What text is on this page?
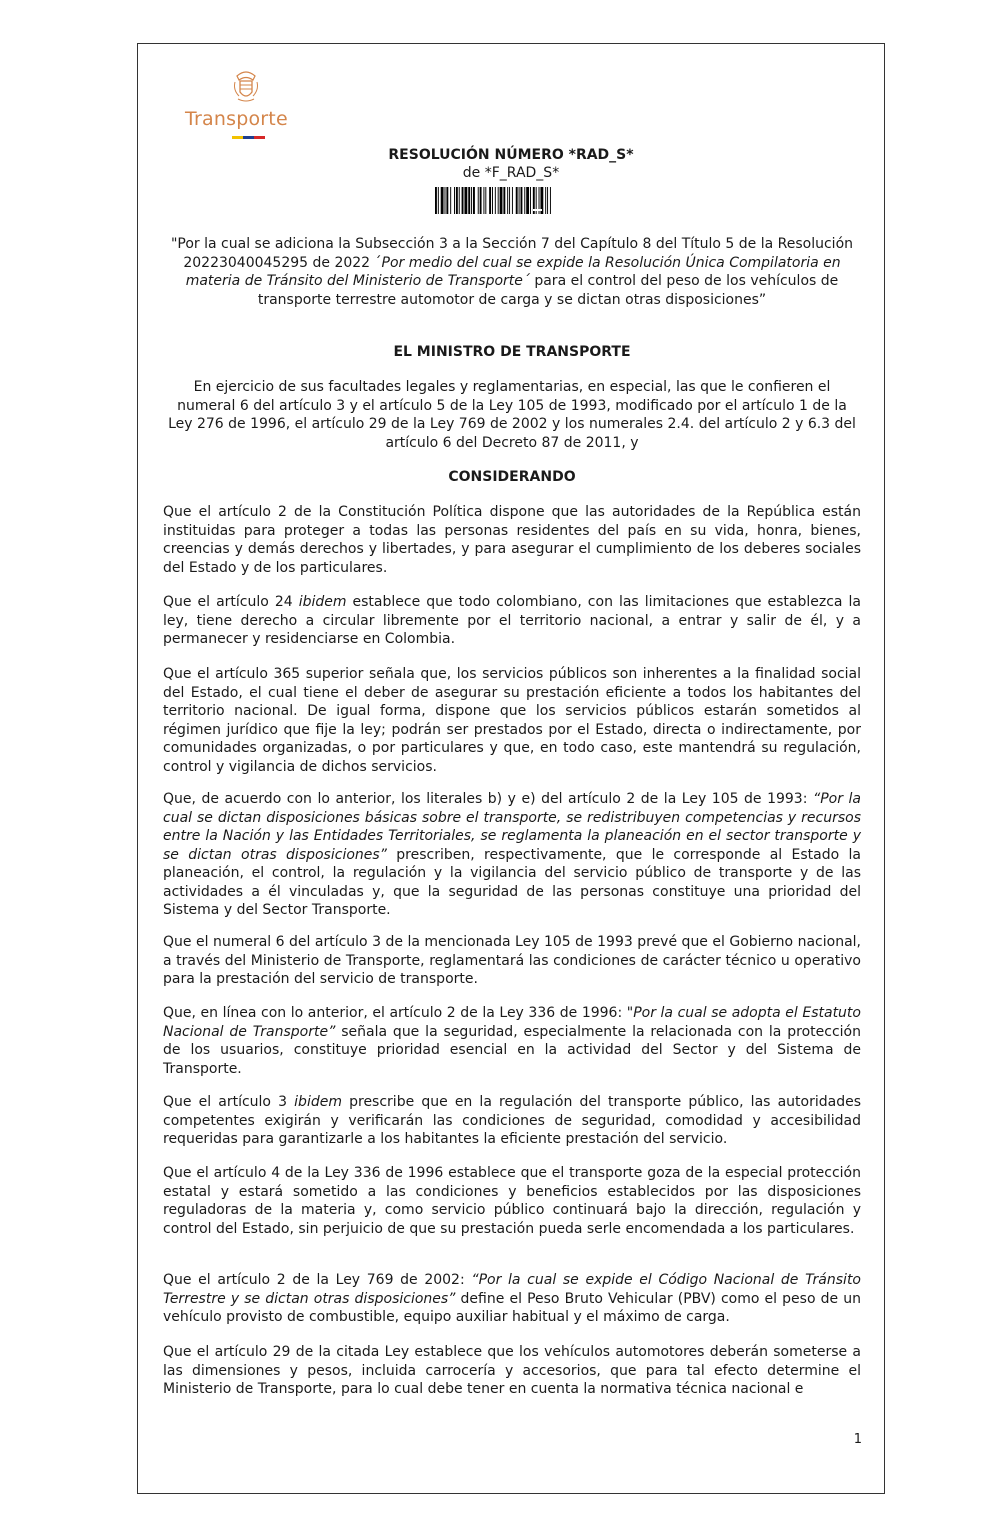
Transporte
RESOLUCIÓN NÚMERO *RAD_S*
de *F_RAD_S*
"Por la cual se adiciona la Subsección 3 a la Sección 7 del Capítulo 8 del Título 5 de la Resolución 20223040045295 de 2022 ´Por medio del cual se expide la Resolución Única Compilatoria en materia de Tránsito del Ministerio de Transporte´ para el control del peso de los vehículos de transporte terrestre automotor de carga y se dictan otras disposiciones”
EL MINISTRO DE TRANSPORTE
En ejercicio de sus facultades legales y reglamentarias, en especial, las que le confieren el numeral 6 del artículo 3 y el artículo 5 de la Ley 105 de 1993, modificado por el artículo 1 de la Ley 276 de 1996, el artículo 29 de la Ley 769 de 2002 y los numerales 2.4. del artículo 2 y 6.3 del artículo 6 del Decreto 87 de 2011, y
CONSIDERANDO
Que el artículo 2 de la Constitución Política dispone que las autoridades de la República están instituidas para proteger a todas las personas residentes del país en su vida, honra, bienes, creencias y demás derechos y libertades, y para asegurar el cumplimiento de los deberes sociales del Estado y de los particulares.
Que el artículo 24 ibidem establece que todo colombiano, con las limitaciones que establezca la ley, tiene derecho a circular libremente por el territorio nacional, a entrar y salir de él, y a permanecer y residenciarse en Colombia.
Que el artículo 365 superior señala que, los servicios públicos son inherentes a la finalidad social del Estado, el cual tiene el deber de asegurar su prestación eficiente a todos los habitantes del territorio nacional. De igual forma, dispone que los servicios públicos estarán sometidos al régimen jurídico que fije la ley; podrán ser prestados por el Estado, directa o indirectamente, por comunidades organizadas, o por particulares y que, en todo caso, este mantendrá su regulación, control y vigilancia de dichos servicios.
Que, de acuerdo con lo anterior, los literales b) y e) del artículo 2 de la Ley 105 de 1993: “Por la cual se dictan disposiciones básicas sobre el transporte, se redistribuyen competencias y recursos entre la Nación y las Entidades Territoriales, se reglamenta la planeación en el sector transporte y se dictan otras disposiciones” prescriben, respectivamente, que le corresponde al Estado la planeación, el control, la regulación y la vigilancia del servicio público de transporte y de las actividades a él vinculadas y, que la seguridad de las personas constituye una prioridad del Sistema y del Sector Transporte.
Que el numeral 6 del artículo 3 de la mencionada Ley 105 de 1993 prevé que el Gobierno nacional, a través del Ministerio de Transporte, reglamentará las condiciones de carácter técnico u operativo para la prestación del servicio de transporte.
Que, en línea con lo anterior, el artículo 2 de la Ley 336 de 1996: "Por la cual se adopta el Estatuto Nacional de Transporte” señala que la seguridad, especialmente la relacionada con la protección de los usuarios, constituye prioridad esencial en la actividad del Sector y del Sistema de Transporte.
Que el artículo 3 ibidem prescribe que en la regulación del transporte público, las autoridades competentes exigirán y verificarán las condiciones de seguridad, comodidad y accesibilidad requeridas para garantizarle a los habitantes la eficiente prestación del servicio.
Que el artículo 4 de la Ley 336 de 1996 establece que el transporte goza de la especial protección estatal y estará sometido a las condiciones y beneficios establecidos por las disposiciones reguladoras de la materia y, como servicio público continuará bajo la dirección, regulación y control del Estado, sin perjuicio de que su prestación pueda serle encomendada a los particulares.
Que el artículo 2 de la Ley 769 de 2002: “Por la cual se expide el Código Nacional de Tránsito Terrestre y se dictan otras disposiciones” define el Peso Bruto Vehicular (PBV) como el peso de un vehículo provisto de combustible, equipo auxiliar habitual y el máximo de carga.
Que el artículo 29 de la citada Ley establece que los vehículos automotores deberán someterse a las dimensiones y pesos, incluida carrocería y accesorios, que para tal efecto determine el Ministerio de Transporte, para lo cual debe tener en cuenta la normativa técnica nacional e
1
